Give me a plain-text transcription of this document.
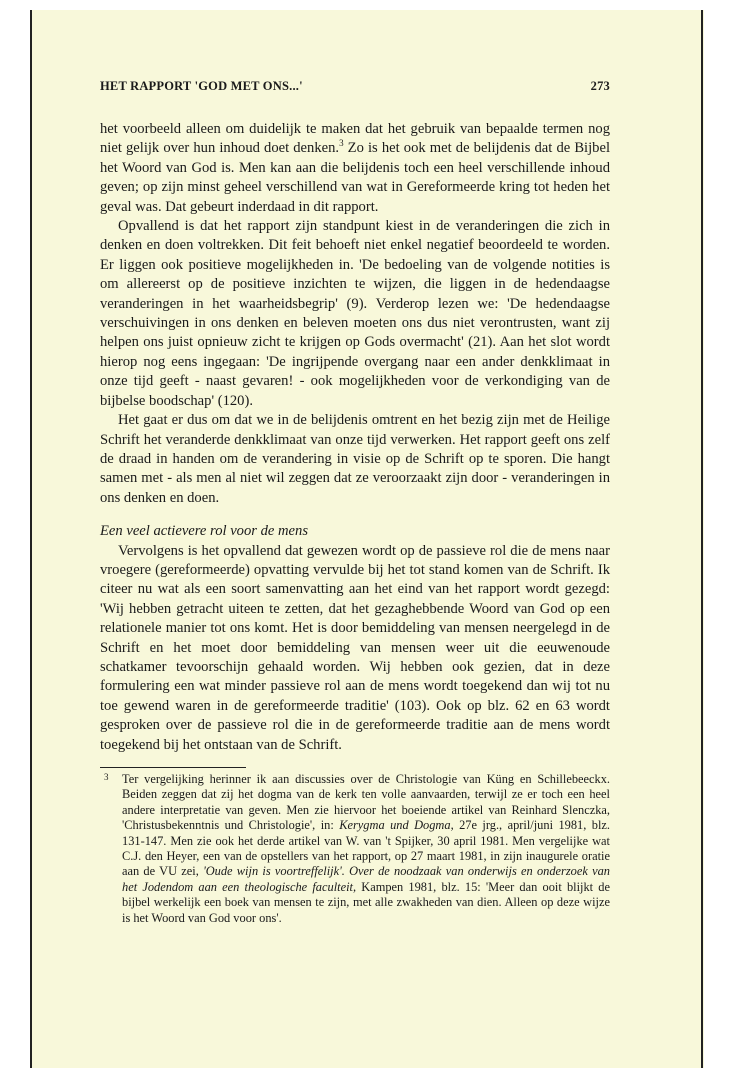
HET RAPPORT 'GOD MET ONS...'	273

het voorbeeld alleen om duidelijk te maken dat het gebruik van bepaalde termen nog niet gelijk over hun inhoud doet denken.$^3$ Zo is het ook met de belijdenis dat de Bijbel het Woord van God is. Men kan aan die belijdenis toch een heel verschillende inhoud geven; op zijn minst geheel verschillend van wat in Gereformeerde kring tot heden het geval was. Dat gebeurt inderdaad in dit rapport.

Opvallend is dat het rapport zijn standpunt kiest in de veranderingen die zich in denken en doen voltrekken. Dit feit behoeft niet enkel negatief beoordeeld te worden. Er liggen ook positieve mogelijkheden in. 'De bedoeling van de volgende notities is om allereerst op de positieve inzichten te wijzen, die liggen in de hedendaagse veranderingen in het waarheidsbegrip' (9). Verderop lezen we: 'De hedendaagse verschuivingen in ons denken en beleven moeten ons dus niet verontrusten, want zij helpen ons juist opnieuw zicht te krijgen op Gods overmacht' (21). Aan het slot wordt hierop nog eens ingegaan: 'De ingrijpende overgang naar een ander denkklimaat in onze tijd geeft - naast gevaren! - ook mogelijkheden voor de verkondiging van de bijbelse boodschap' (120).

Het gaat er dus om dat we in de belijdenis omtrent en het bezig zijn met de Heilige Schrift het veranderde denkklimaat van onze tijd verwerken. Het rapport geeft ons zelf de draad in handen om de verandering in visie op de Schrift op te sporen. Die hangt samen met - als men al niet wil zeggen dat ze veroorzaakt zijn door - veranderingen in ons denken en doen.

Een veel actievere rol voor de mens

Vervolgens is het opvallend dat gewezen wordt op de passieve rol die de mens naar vroegere (gereformeerde) opvatting vervulde bij het tot stand komen van de Schrift. Ik citeer nu wat als een soort samenvatting aan het eind van het rapport wordt gezegd: 'Wij hebben getracht uiteen te zetten, dat het gezaghebbende Woord van God op een relationele manier tot ons komt. Het is door bemiddeling van mensen neergelegd in de Schrift en het moet door bemiddeling van mensen weer uit die eeuwenoude schatkamer tevoorschijn gehaald worden. Wij hebben ook gezien, dat in deze formulering een wat minder passieve rol aan de mens wordt toegekend dan wij tot nu toe gewend waren in de gereformeerde traditie' (103). Ook op blz. 62 en 63 wordt gesproken over de passieve rol die in de gereformeerde traditie aan de mens wordt toegekend bij het ontstaan van de Schrift.

3 Ter vergelijking herinner ik aan discussies over de Christologie van Küng en Schillebeeckx. Beiden zeggen dat zij het dogma van de kerk ten volle aanvaarden, terwijl ze er toch een heel andere interpretatie van geven. Men zie hiervoor het boeiende artikel van Reinhard Slenczka, 'Christusbekenntnis und Christologie', in: Kerygma und Dogma, 27e jrg., april/juni 1981, blz. 131-147. Men zie ook het derde artikel van W. van 't Spijker, 30 april 1981. Men vergelijke wat C.J. den Heyer, een van de opstellers van het rapport, op 27 maart 1981, in zijn inaugurele oratie aan de VU zei, 'Oude wijn is voortreffelijk'. Over de noodzaak van onderwijs en onderzoek van het Jodendom aan een theologische faculteit, Kampen 1981, blz. 15: 'Meer dan ooit blijkt de bijbel werkelijk een boek van mensen te zijn, met alle zwakheden van dien. Alleen op deze wijze is het Woord van God voor ons'.
